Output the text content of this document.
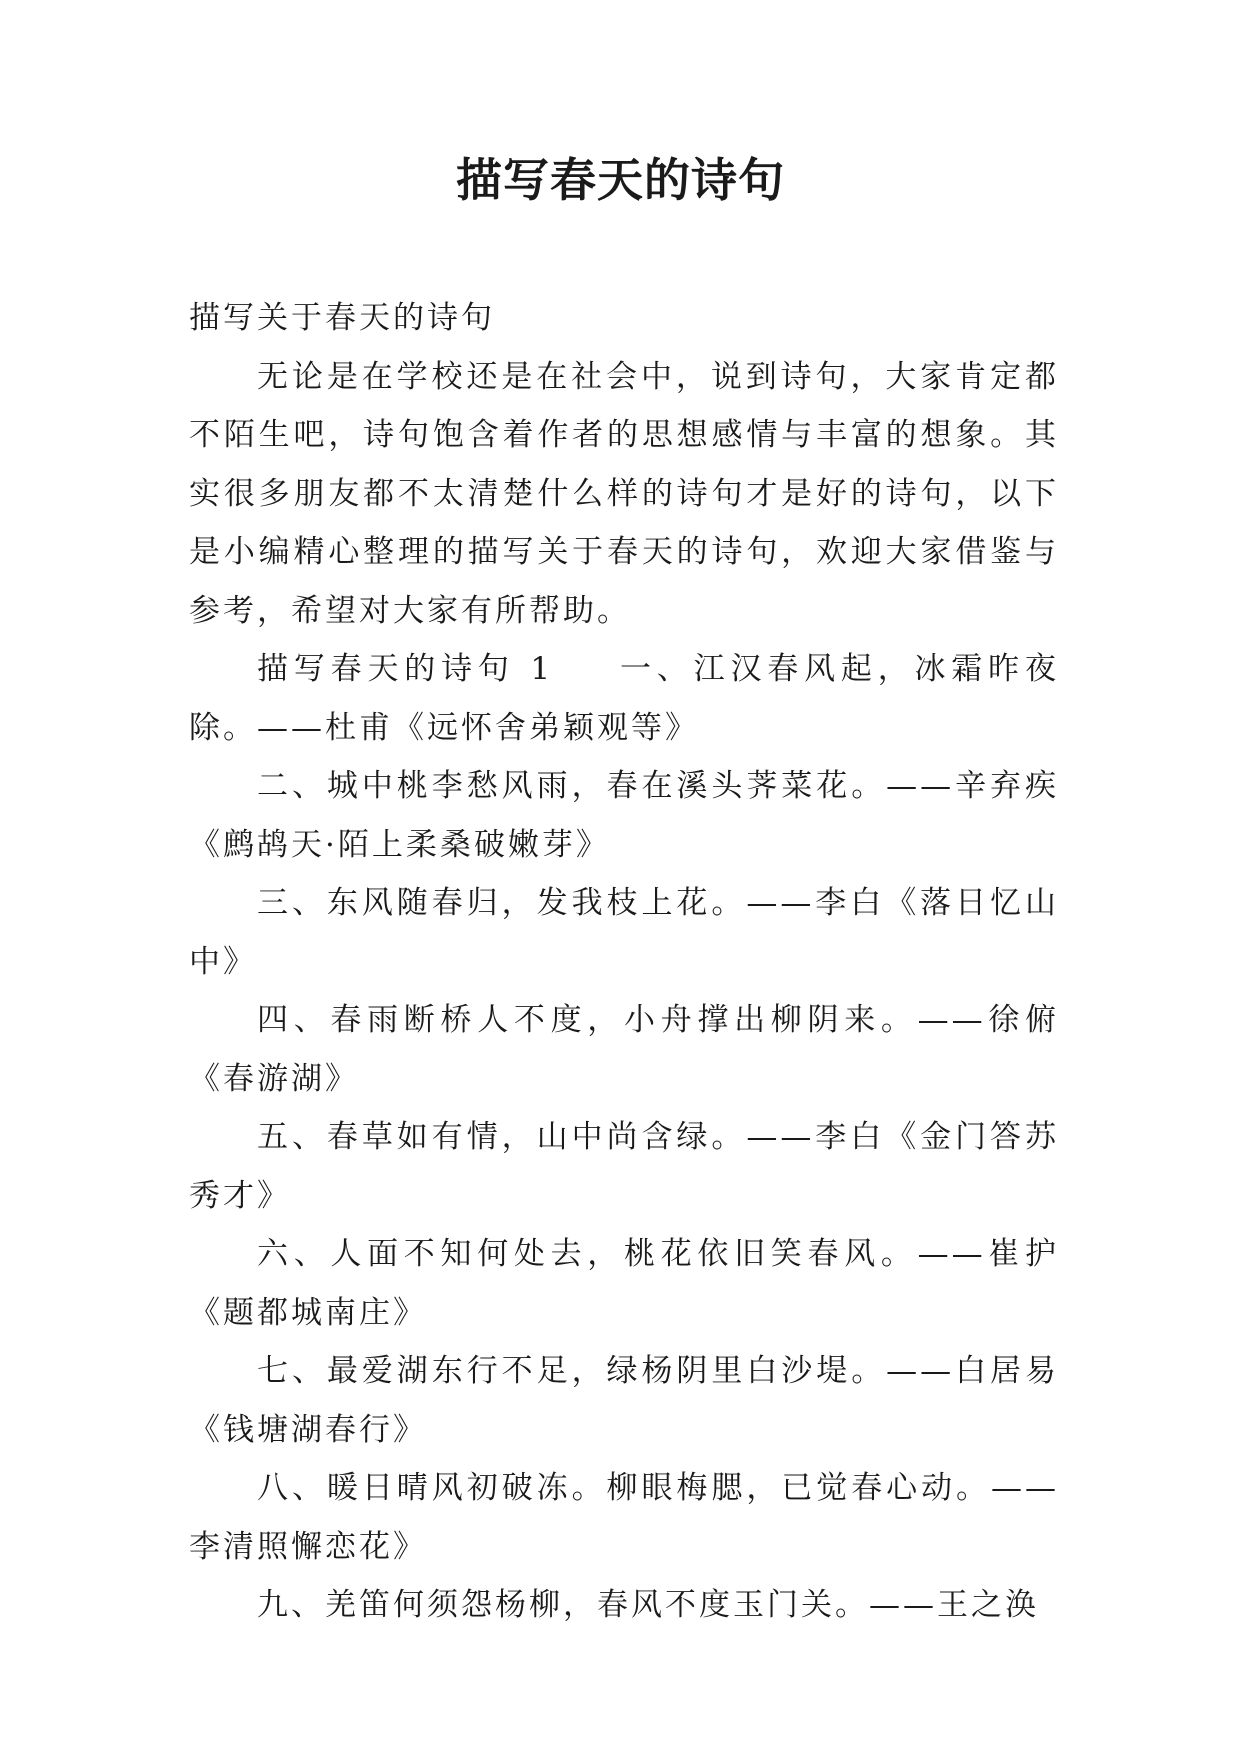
描写春天的诗句

描写关于春天的诗句

无论是在学校还是在社会中，说到诗句，大家肯定都不陌生吧，诗句饱含着作者的思想感情与丰富的想象。其实很多朋友都不太清楚什么样的诗句才是好的诗句，以下是小编精心整理的描写关于春天的诗句，欢迎大家借鉴与参考，希望对大家有所帮助。

描写春天的诗句 1 一、江汉春风起，冰霜昨夜除。——杜甫《远怀舍弟颖观等》

二、城中桃李愁风雨，春在溪头荠菜花。——辛弃疾《鹧鸪天·陌上柔桑破嫩芽》

三、东风随春归，发我枝上花。——李白《落日忆山中》

四、春雨断桥人不度，小舟撑出柳阴来。——徐俯《春游湖》

五、春草如有情，山中尚含绿。——李白《金门答苏秀才》

六、人面不知何处去，桃花依旧笑春风。——崔护《题都城南庄》

七、最爱湖东行不足，绿杨阴里白沙堤。——白居易《钱塘湖春行》

八、暖日晴风初破冻。柳眼梅腮，已觉春心动。——李清照懈恋花》

九、羌笛何须怨杨柳，春风不度玉门关。——王之涣
